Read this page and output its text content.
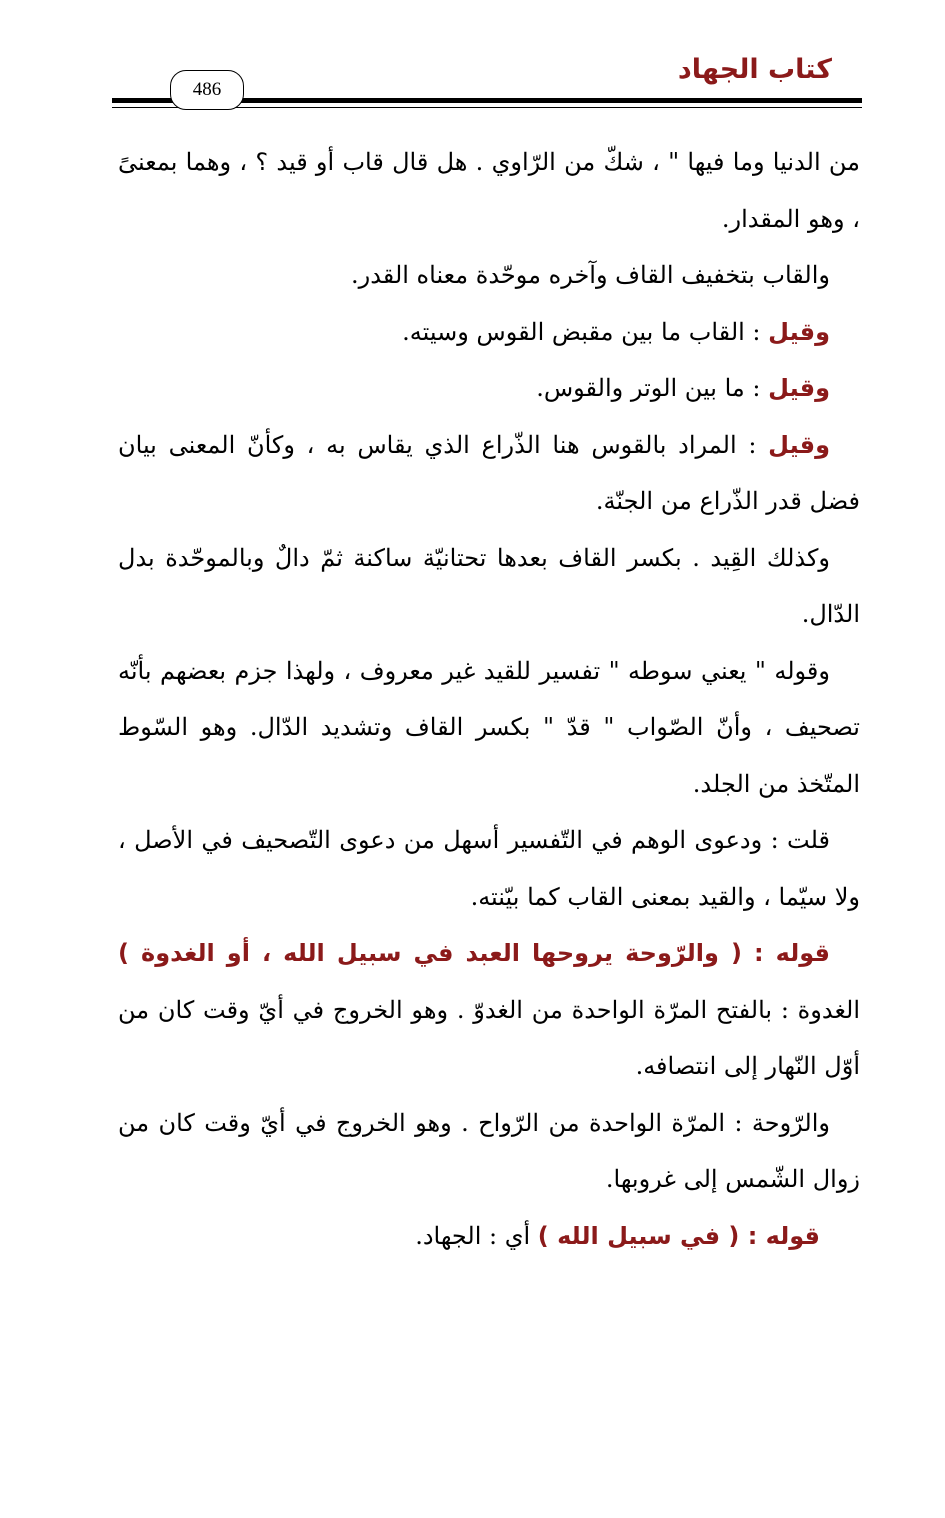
كتاب الجهاد
486

من الدنيا وما فيها " ، شكّ من الرّاوي . هل قال قاب أو قيد ؟ ، وهما بمعنىً ، وهو المقدار.

والقاب بتخفيف القاف وآخره موحّدة معناه القدر.

وقيل : القاب ما بين مقبض القوس وسيته.

وقيل : ما بين الوتر والقوس.

وقيل : المراد بالقوس هنا الذّراع الذي يقاس به ، وكأنّ المعنى بيان فضل قدر الذّراع من الجنّة.

وكذلك القِيد . بكسر القاف بعدها تحتانيّة ساكنة ثمّ دالٌ وبالموحّدة بدل الدّال.

وقوله " يعني سوطه " تفسير للقيد غير معروف ، ولهذا جزم بعضهم بأنّه تصحيف ، وأنّ الصّواب " قدّ " بكسر القاف وتشديد الدّال. وهو السّوط المتّخذ من الجلد.

قلت : ودعوى الوهم في التّفسير أسهل من دعوى التّصحيف في الأصل ، ولا سيّما ، والقيد بمعنى القاب كما بيّنته.

قوله : ( والرّوحة يروحها العبد في سبيل الله ، أو الغدوة ) الغدوة : بالفتح المرّة الواحدة من الغدوّ . وهو الخروج في أيّ وقت كان من أوّل النّهار إلى انتصافه.

والرّوحة : المرّة الواحدة من الرّواح . وهو الخروج في أيّ وقت كان من زوال الشّمس إلى غروبها.

قوله : ( في سبيل الله ) أي : الجهاد.
